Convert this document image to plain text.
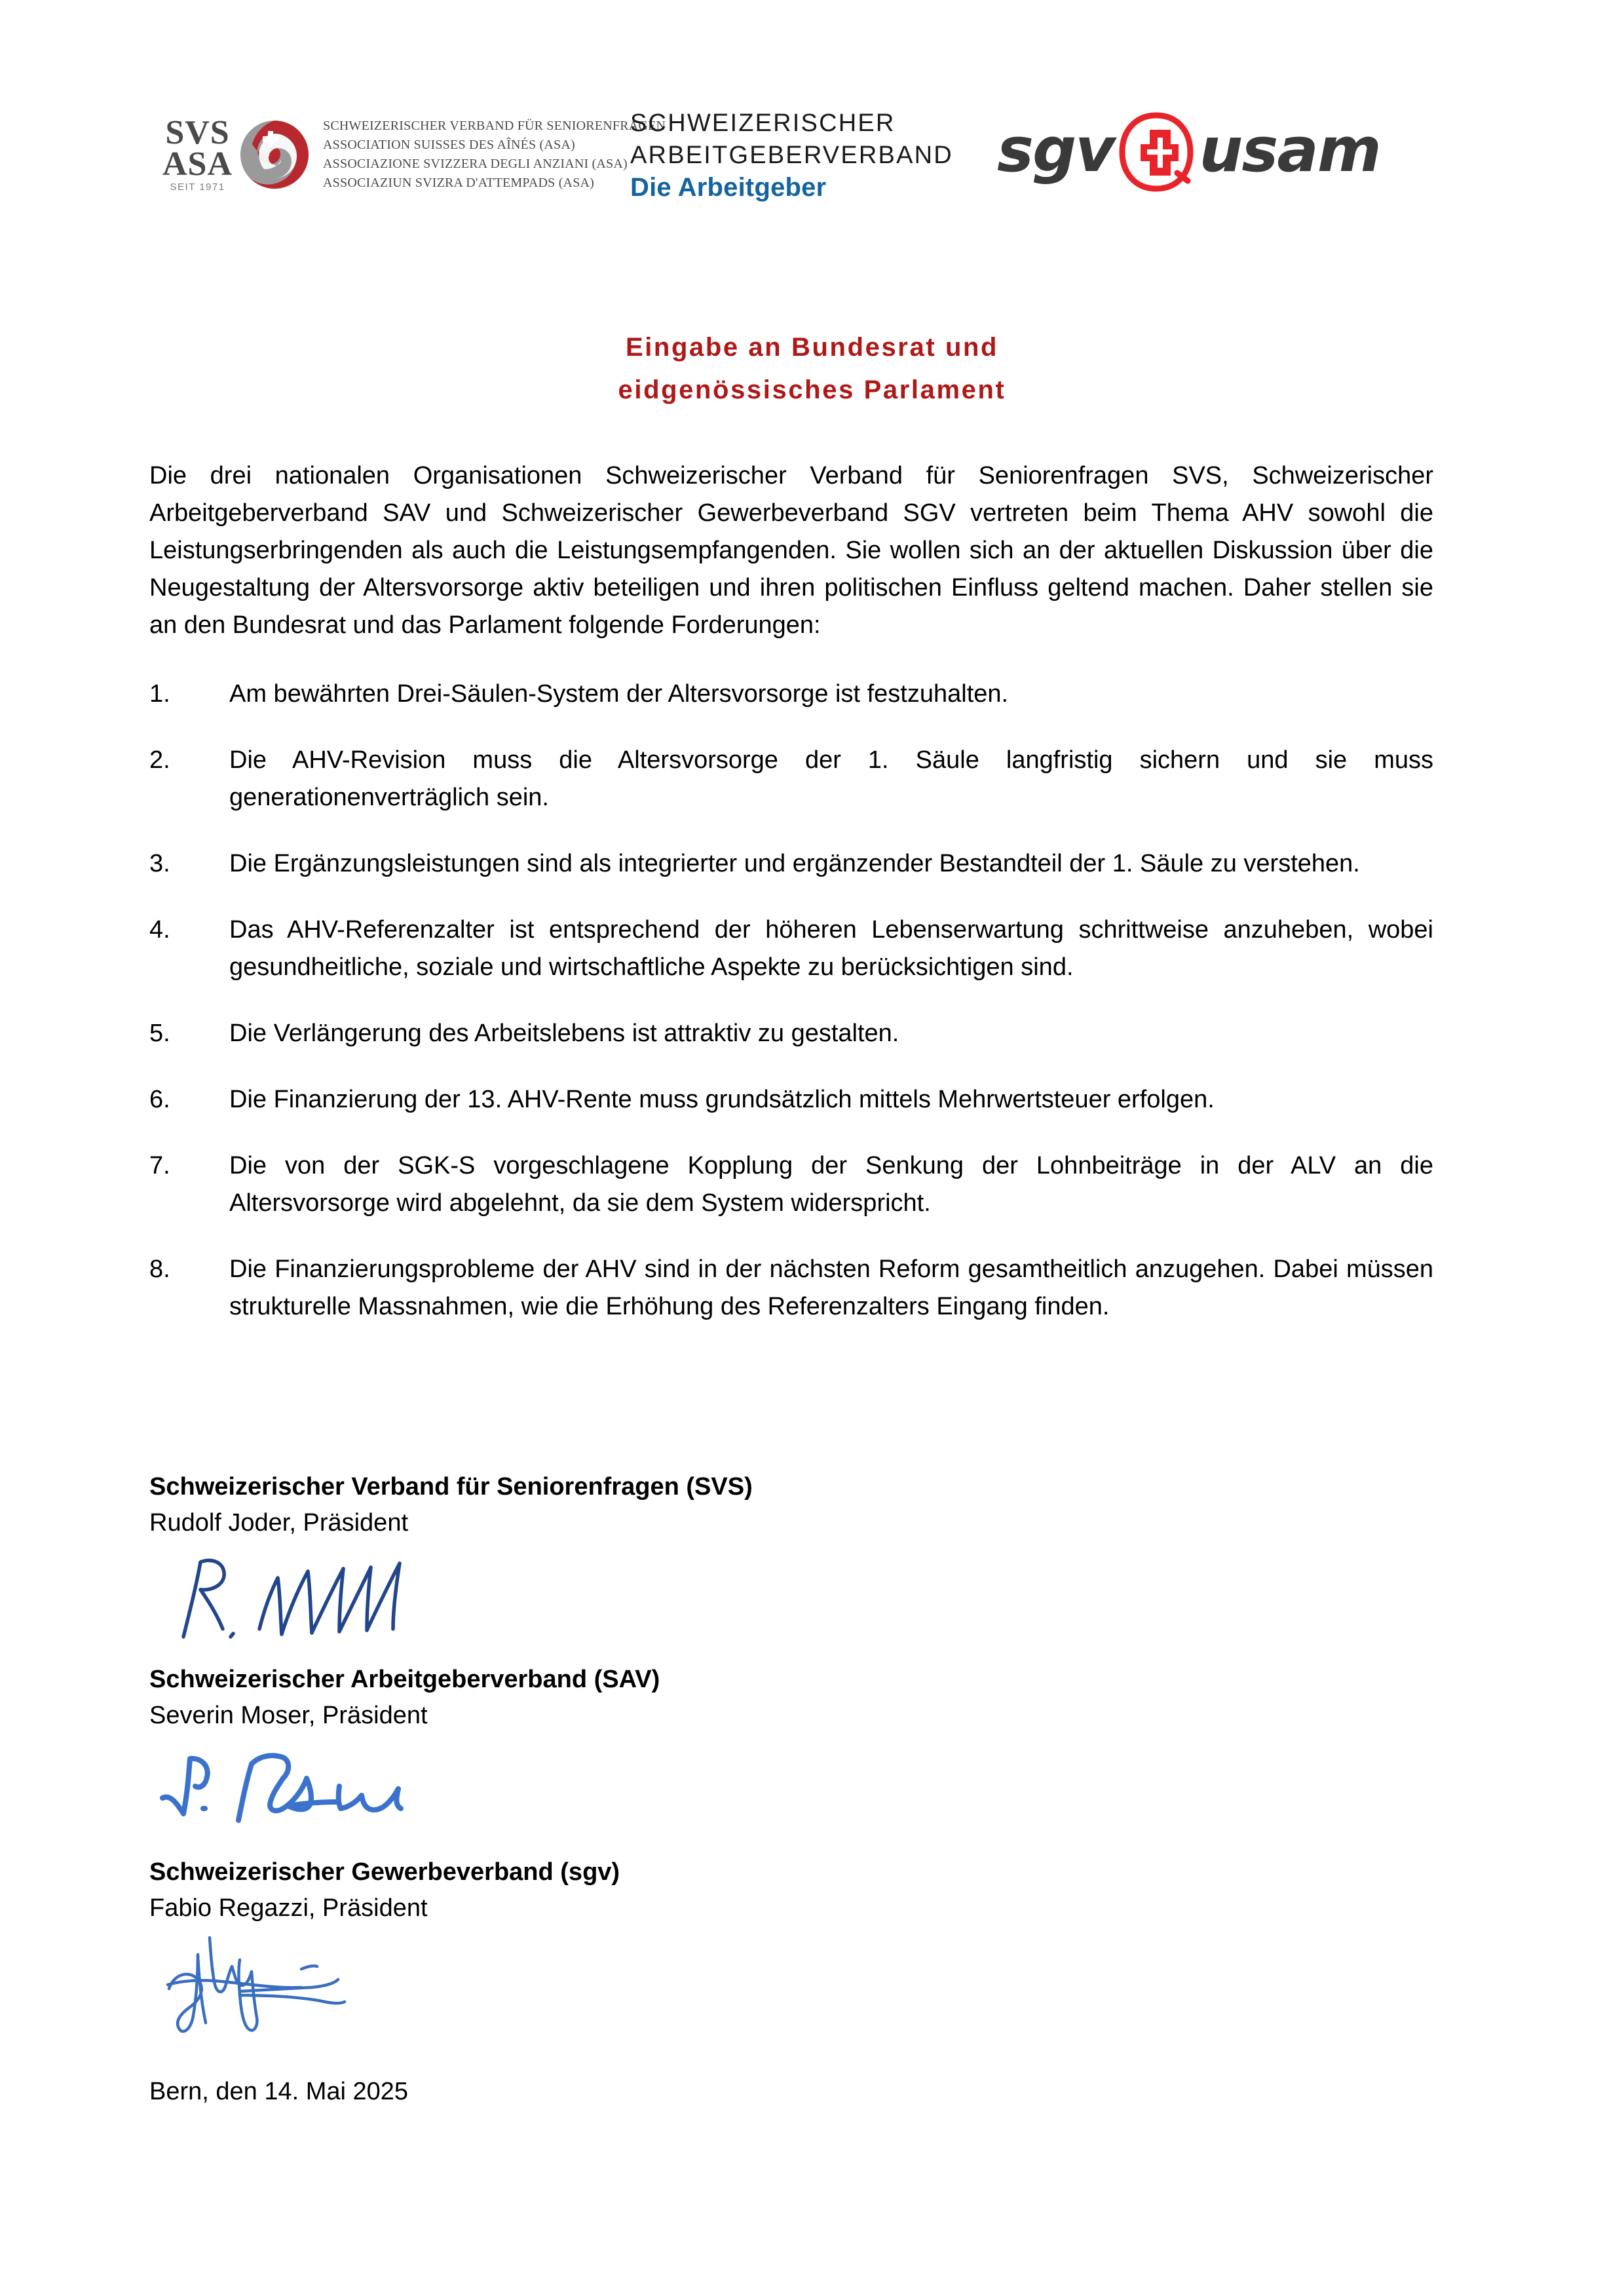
SVS
ASA
SEIT 1971
SCHWEIZERISCHER VERBAND FÜR SENIORENFRAGEN
ASSOCIATION SUISSES DES AÎNÉS (ASA)
ASSOCIAZIONE SVIZZERA DEGLI ANZIANI (ASA)
ASSOCIAZIUN SVIZRA D'ATTEMPADS (ASA)
SCHWEIZERISCHER
ARBEITGEBERVERBAND
Die Arbeitgeber
sgv usam
Eingabe an Bundesrat und
eidgenössisches Parlament

Die drei nationalen Organisationen Schweizerischer Verband für Seniorenfragen SVS, Schweizerischer Arbeitgeberverband SAV und Schweizerischer Gewerbeverband SGV vertreten beim Thema AHV sowohl die Leistungserbringenden als auch die Leistungsempfangenden. Sie wollen sich an der aktuellen Diskussion über die Neugestaltung der Altersvorsorge aktiv beteiligen und ihren politischen Einfluss geltend machen. Daher stellen sie an den Bundesrat und das Parlament folgende Forderungen:

1.	Am bewährten Drei-Säulen-System der Altersvorsorge ist festzuhalten.
2.	Die AHV-Revision muss die Altersvorsorge der 1. Säule langfristig sichern und sie muss generationenverträglich sein.
3.	Die Ergänzungsleistungen sind als integrierter und ergänzender Bestandteil der 1. Säule zu verstehen.
4.	Das AHV-Referenzalter ist entsprechend der höheren Lebenserwartung schrittweise anzuheben, wobei gesundheitliche, soziale und wirtschaftliche Aspekte zu berücksichtigen sind.
5.	Die Verlängerung des Arbeitslebens ist attraktiv zu gestalten.
6.	Die Finanzierung der 13. AHV-Rente muss grundsätzlich mittels Mehrwertsteuer erfolgen.
7.	Die von der SGK-S vorgeschlagene Kopplung der Senkung der Lohnbeiträge in der ALV an die Altersvorsorge wird abgelehnt, da sie dem System widerspricht.
8.	Die Finanzierungsprobleme der AHV sind in der nächsten Reform gesamtheitlich anzugehen. Dabei müssen strukturelle Massnahmen, wie die Erhöhung des Referenzalters Eingang finden.
Schweizerischer Verband für Seniorenfragen (SVS)
Rudolf Joder, Präsident
Schweizerischer Arbeitgeberverband (SAV)
Severin Moser, Präsident
Schweizerischer Gewerbeverband (sgv)
Fabio Regazzi, Präsident
Bern, den 14. Mai 2025
